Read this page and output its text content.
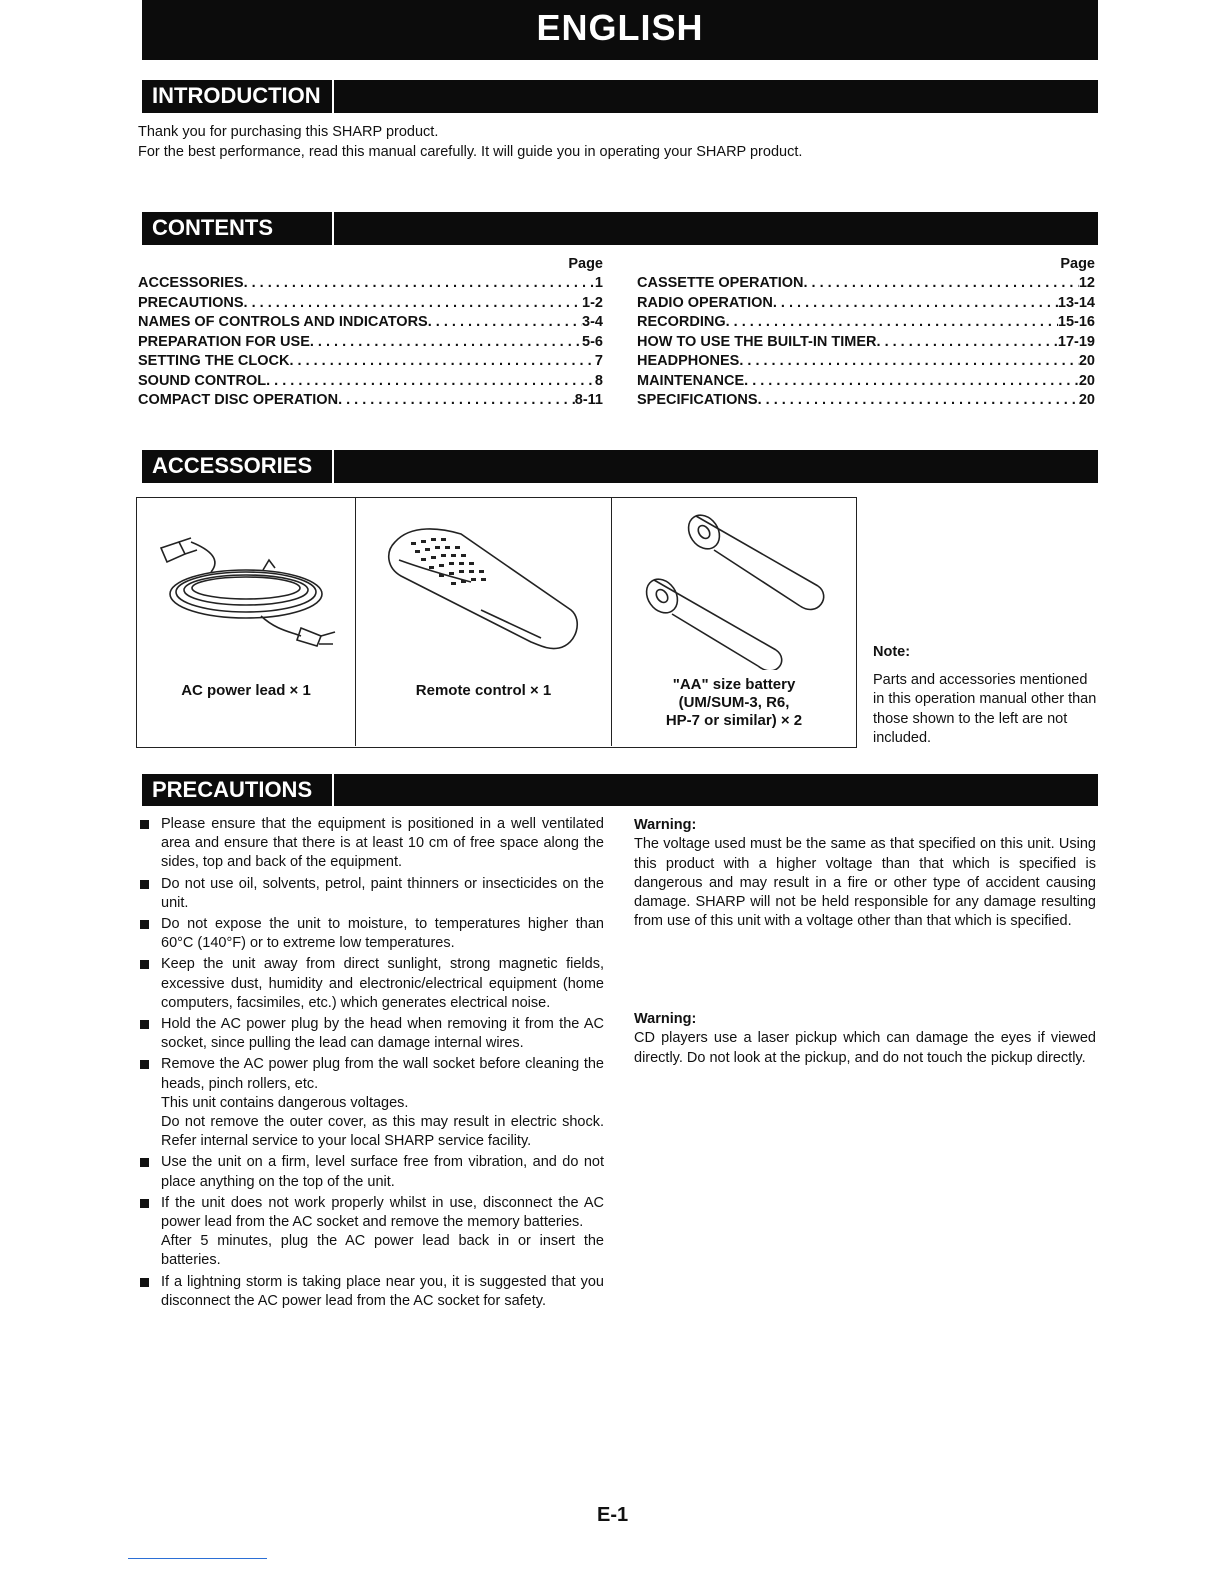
ENGLISH
INTRODUCTION

Thank you for purchasing this SHARP product.

For the best performance, read this manual carefully. It will guide you in operating your SHARP product.

CONTENTS
Page
ACCESSORIES . . .	1
PRECAUTIONS . . .	1-2
NAMES OF CONTROLS AND INDICATORS . . .	3-4
PREPARATION FOR USE . . .	5-6
SETTING THE CLOCK . . .	7
SOUND CONTROL . . .	8
COMPACT DISC OPERATION . . .	8-11
Page
CASSETTE OPERATION . . .	12
RADIO OPERATION . . .	13-14
RECORDING . . .	15-16
HOW TO USE THE BUILT-IN TIMER . . .	17-19
HEADPHONES . . .	20
MAINTENANCE . . .	20
SPECIFICATIONS . . .	20
ACCESSORIES
AC power lead × 1	Remote control × 1	"AA" size battery
(UM/SUM-3, R6,
HP-7 or similar) × 2
Note:
Parts and accessories mentioned in this operation manual other than those shown to the left are not included.
PRECAUTIONS
Please ensure that the equipment is positioned in a well ventilated area and ensure that there is at least 10 cm of free space along the sides, top and back of the equipment.
Do not use oil, solvents, petrol, paint thinners or insecticides on the unit.
Do not expose the unit to moisture, to temperatures higher than 60°C (140°F) or to extreme low temperatures.
Keep the unit away from direct sunlight, strong magnetic fields, excessive dust, humidity and electronic/electrical equipment (home computers, facsimiles, etc.) which generates electrical noise.
Hold the AC power plug by the head when removing it from the AC socket, since pulling the lead can damage internal wires.
Remove the AC power plug from the wall socket before cleaning the heads, pinch rollers, etc.
This unit contains dangerous voltages.
Do not remove the outer cover, as this may result in electric shock. Refer internal service to your local SHARP service facility.
Use the unit on a firm, level surface free from vibration, and do not place anything on the top of the unit.
If the unit does not work properly whilst in use, disconnect the AC power lead from the AC socket and remove the memory batteries.
After 5 minutes, plug the AC power lead back in or insert the batteries.
If a lightning storm is taking place near you, it is suggested that you disconnect the AC power lead from the AC socket for safety.
Warning:
The voltage used must be the same as that specified on this unit. Using this product with a higher voltage than that which is specified is dangerous and may result in a fire or other type of accident causing damage. SHARP will not be held responsible for any damage resulting from use of this unit with a voltage other than that which is specified.
Warning:
CD players use a laser pickup which can damage the eyes if viewed directly. Do not look at the pickup, and do not touch the pickup directly.
E-1
